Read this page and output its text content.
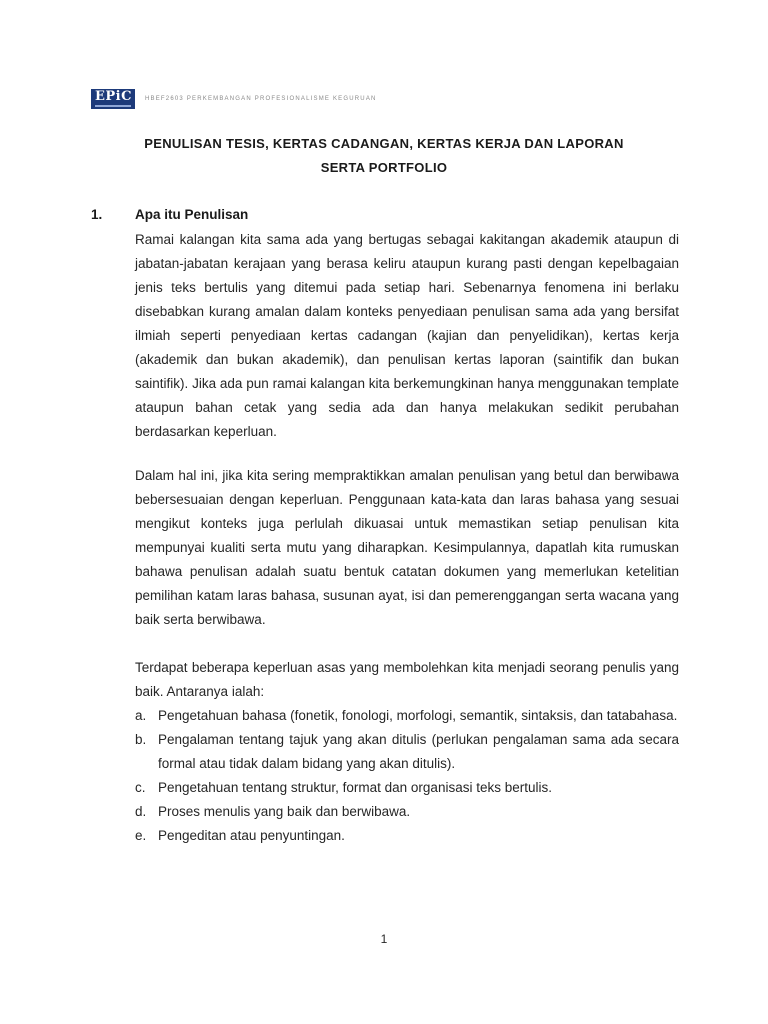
EPiC HBEF2603 PERKEMBANGAN PROFESIONALISME KEGURUAN
PENULISAN TESIS, KERTAS CADANGAN, KERTAS KERJA DAN LAPORAN
SERTA PORTFOLIO
1. Apa itu Penulisan
Ramai kalangan kita sama ada yang bertugas sebagai kakitangan akademik ataupun di jabatan-jabatan kerajaan yang berasa keliru ataupun kurang pasti dengan kepelbagaian jenis teks bertulis yang ditemui pada setiap hari. Sebenarnya fenomena ini berlaku disebabkan kurang amalan dalam konteks penyediaan penulisan sama ada yang bersifat ilmiah seperti penyediaan kertas cadangan (kajian dan penyelidikan), kertas kerja (akademik dan bukan akademik), dan penulisan kertas laporan (saintifik dan bukan saintifik). Jika ada pun ramai kalangan kita berkemungkinan hanya menggunakan template ataupun bahan cetak yang sedia ada dan hanya melakukan sedikit perubahan berdasarkan keperluan.
Dalam hal ini, jika kita sering mempraktikkan amalan penulisan yang betul dan berwibawa bebersesuaian dengan keperluan. Penggunaan kata-kata dan laras bahasa yang sesuai mengikut konteks juga perlulah dikuasai untuk memastikan setiap penulisan kita mempunyai kualiti serta mutu yang diharapkan. Kesimpulannya, dapatlah kita rumuskan bahawa penulisan adalah suatu bentuk catatan dokumen yang memerlukan ketelitian pemilihan katam laras bahasa, susunan ayat, isi dan pemerenggangan serta wacana yang baik serta berwibawa.
Terdapat beberapa keperluan asas yang membolehkan kita menjadi seorang penulis yang baik. Antaranya ialah:
a. Pengetahuan bahasa (fonetik, fonologi, morfologi, semantik, sintaksis, dan tatabahasa.
b. Pengalaman tentang tajuk yang akan ditulis (perlukan pengalaman sama ada secara formal atau tidak dalam bidang yang akan ditulis).
c. Pengetahuan tentang struktur, format dan organisasi teks bertulis.
d. Proses menulis yang baik dan berwibawa.
e. Pengeditan atau penyuntingan.
1
